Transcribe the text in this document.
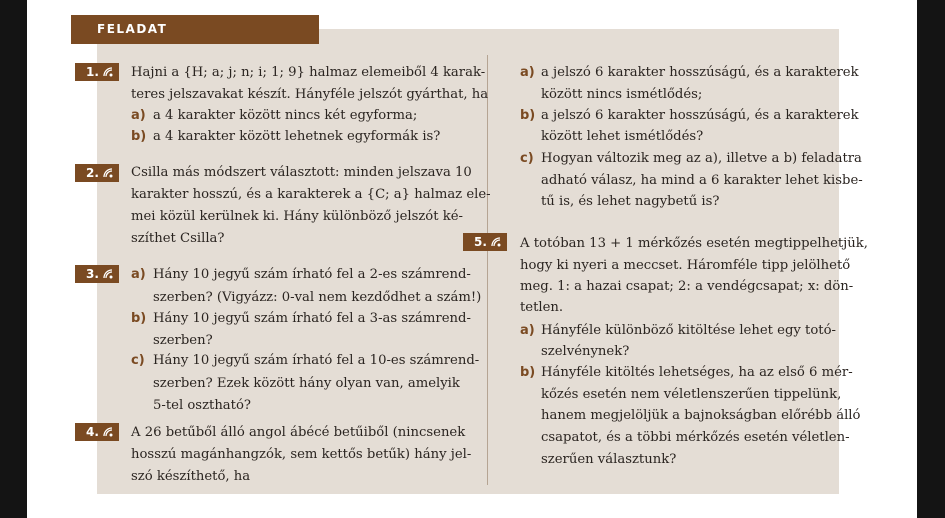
FELADAT
1.	Hajni a {H; a; j; n; i; 1; 9} halmaz elemeiből 4 karak-
teres jelszavakat készít. Hányféle jelszót gyárthat, ha
a) a 4 karakter között nincs két egyforma;
b) a 4 karakter között lehetnek egyformák is?
2.	Csilla más módszert választott: minden jelszava 10
karakter hosszú, és a karakterek a {C; a} halmaz ele-
mei közül kerülnek ki. Hány különböző jelszót ké-
szíthet Csilla?
3.	a) Hány 10 jegyű szám írható fel a 2-es számrend-
szerben? (Vigyázz: 0-val nem kezdődhet a szám!)
b) Hány 10 jegyű szám írható fel a 3-as számrend-
szerben?
c) Hány 10 jegyű szám írható fel a 10-es számrend-
szerben? Ezek között hány olyan van, amelyik
5-tel osztható?
4.	A 26 betűből álló angol ábécé betűiből (nincsenek
hosszú magánhangzók, sem kettős betűk) hány jel-
szó készíthető, ha
a) a jelszó 6 karakter hosszúságú, és a karakterek
között nincs ismétlődés;
b) a jelszó 6 karakter hosszúságú, és a karakterek
között lehet ismétlődés?
c) Hogyan változik meg az a), illetve a b) feladatra
adható válasz, ha mind a 6 karakter lehet kisbe-
tű is, és lehet nagybetű is?
5.	A totóban 13 + 1 mérkőzés esetén megtippelhetjük,
hogy ki nyeri a meccset. Háromféle tipp jelölhető
meg. 1: a hazai csapat; 2: a vendégcsapat; x: dön-
tetlen.
a) Hányféle különböző kitöltése lehet egy totó-
szelvénynek?
b) Hányféle kitöltés lehetséges, ha az első 6 mér-
kőzés esetén nem véletlenszerűen tippelünk,
hanem megjelöljük a bajnokságban előrébb álló
csapatot, és a többi mérkőzés esetén véletlen-
szerűen választunk?
